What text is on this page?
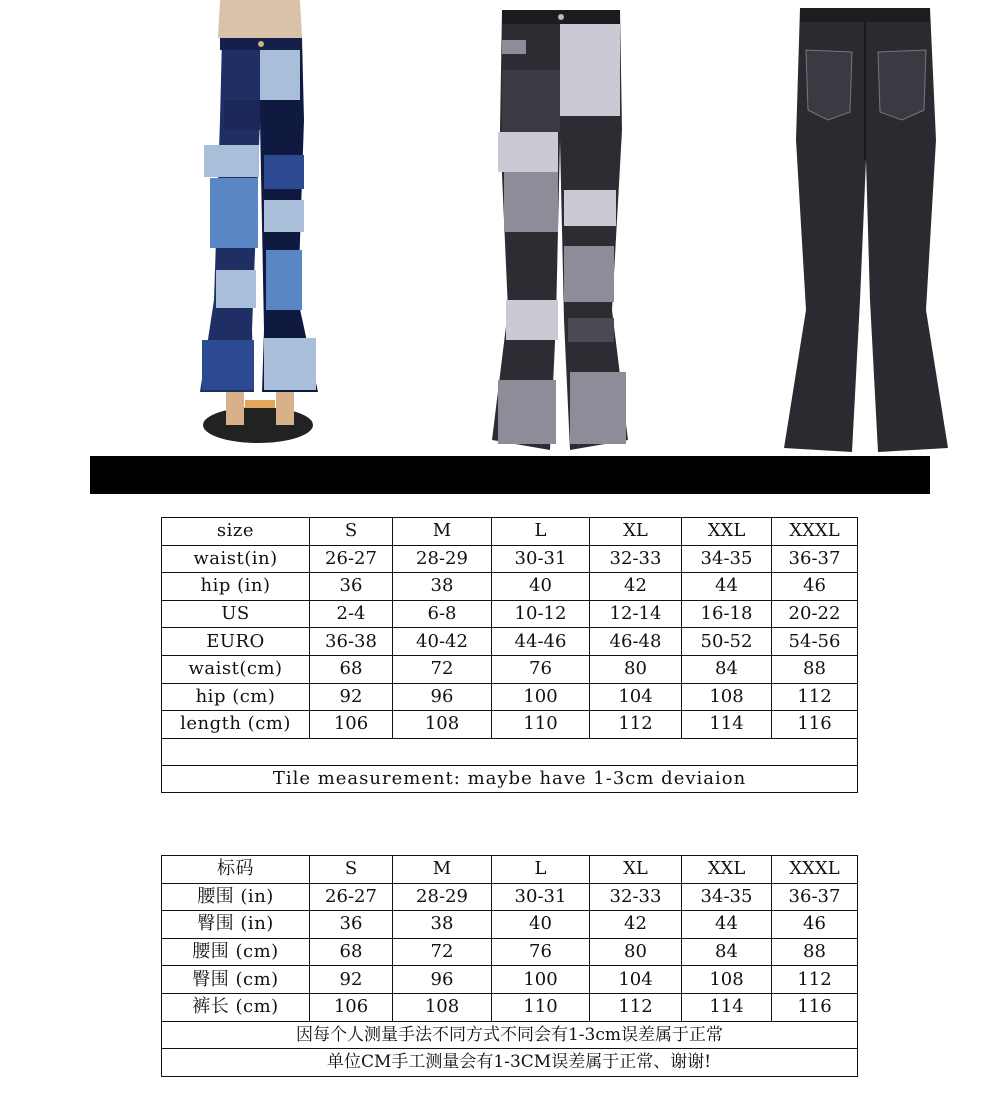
size	S	M	L	XL	XXL	XXXL
waist(in)	26-27	28-29	30-31	32-33	34-35	36-37
hip (in)	36	38	40	42	44	46
US	2-4	6-8	10-12	12-14	16-18	20-22
EURO	36-38	40-42	44-46	46-48	50-52	54-56
waist(cm)	68	72	76	80	84	88
hip (cm)	92	96	100	104	108	112
length (cm)	106	108	110	112	114	116

Tile measurement: maybe have 1-3cm deviaion						
标码	S	M	L	XL	XXL	XXXL
腰围 (in)	26-27	28-29	30-31	32-33	34-35	36-37
臀围 (in)	36	38	40	42	44	46
腰围 (cm)	68	72	76	80	84	88
臀围 (cm)	92	96	100	104	108	112
裤长 (cm)	106	108	110	112	114	116
因每个人测量手法不同方式不同会有1-3cm误差属于正常						
单位CM手工测量会有1-3CM误差属于正常、谢谢!						
